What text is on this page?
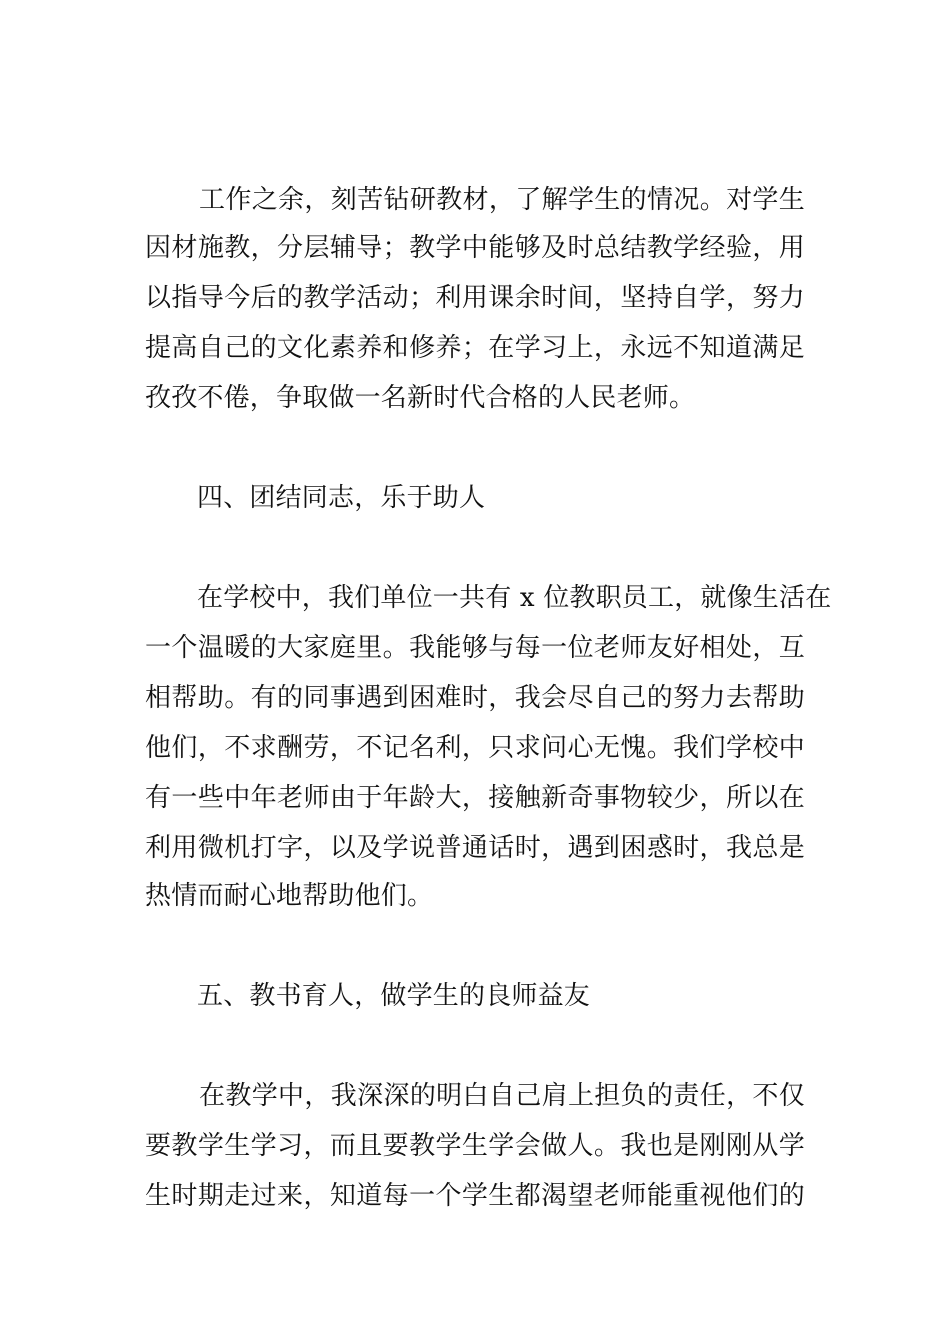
工作之余，刻苦钻研教材，了解学生的情况。对学生
因材施教，分层辅导；教学中能够及时总结教学经验，用
以指导今后的教学活动；利用课余时间，坚持自学，努力
提高自己的文化素养和修养；在学习上，永远不知道满足
孜孜不倦，争取做一名新时代合格的人民老师。
四、团结同志，乐于助人
在学校中，我们单位一共有 x 位教职员工，就像生活在
一个温暖的大家庭里。我能够与每一位老师友好相处，互
相帮助。有的同事遇到困难时，我会尽自己的努力去帮助
他们，不求酬劳，不记名利，只求问心无愧。我们学校中
有一些中年老师由于年龄大，接触新奇事物较少，所以在
利用微机打字，以及学说普通话时，遇到困惑时，我总是
热情而耐心地帮助他们。
五、教书育人，做学生的良师益友
在教学中，我深深的明白自己肩上担负的责任，不仅
要教学生学习，而且要教学生学会做人。我也是刚刚从学
生时期走过来，知道每一个学生都渴望老师能重视他们的
